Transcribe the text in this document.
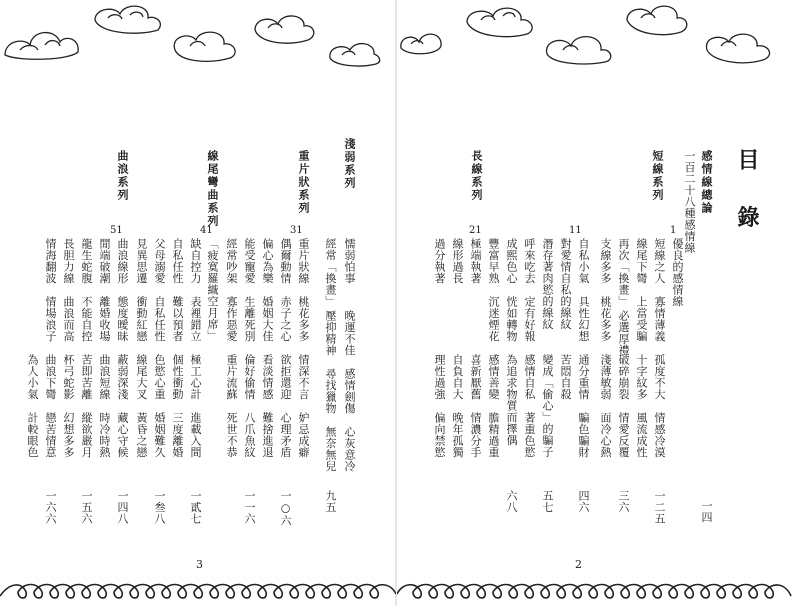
淺弱系列
懦弱怕事
晚運不佳
感情劍傷
心灰意冷
經常「換畫」
壓抑精神
尋找獵物
無奈無兒
九五
重片狀系列
31
重片狀線
桃花多多
情深不言
妒忌成癖
偶爾動情
赤子之心
欲拒還迎
心理矛盾
一○六
偏心為樂
婚姻大佳
看淡情感
難捨進退
能受寵愛
生離死別
倫好偷情
八爪魚紋
一一六
經常吵架
寡作惡愛
重片流蘇
死世不恭
線尾彎曲系列
41
「疲寞羅織空月席」
缺自控力
表裡錯立
極工心計
進載入間
一貳七
自私任性
難以預者
個性衝動
三度離婚
父母溺愛
自私任性
色慾心重
婚姻難久
一叁八
見異思遷
衝動紅戀
線尾大叉
黃昏之戀
曲浪系列
51
曲浪線形
態度曖昧
蔽弱深淺
藏心守候
一四八
閒端破潮
離婚收場
曲浪短線
時冷時熱
龍生蛇腹
不能自控
苦即苦離
縱欲嚴月
一五六
長胆力線
曲浪而高
杯弓蛇影
幻想多多
情海翻波
情場浪子
曲浪下彎
戀苦情意
一六六
為人小氣
計較眼色
3
目 錄
感情線總論
一四
一百二十八種感情線
短線系列
1
優良的感情線
短線之人
寡情薄義
孤度不大
情感冷漠
一二五
線尾下彎
上當受騙
十字紋多
風流成性
再次「換畫」
必選厚禮
破碎崩裂
情愛反覆
三六
支線多多
桃花多多
淺薄敏弱
面冷心熱
11
自私小氣
具性幻想
通分重情
騙色騙財
四六
對愛情自私的線紋
苦悶自殺
潛存著肉慾的線紋
變成「偷心」的騙子
五七
呼來吃去
定有好報
感情自私
著重色慾
成熙色心
恍如轉物
為追求物質而擇偶
六八
長線系列
21
豐富早熟
沉迷煙花
感情善變
膽精過重
極端執著
喜新厭舊
情濃分手
線形過長
自負自大
晚年孤獨
過分執著
理性過強
偏向禁慾
2
